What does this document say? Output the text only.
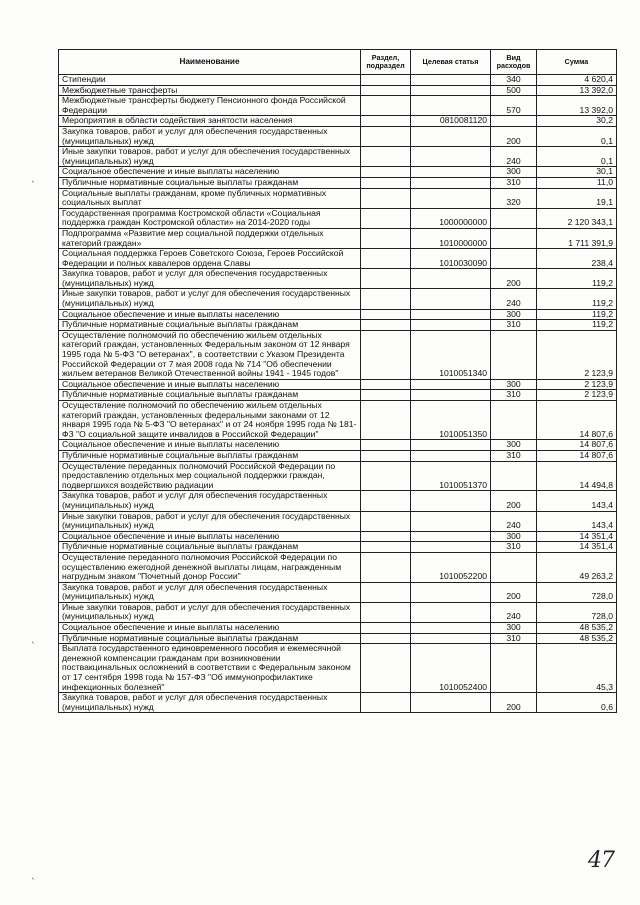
Наименование	Раздел, подраздел	Целевая статья	Вид расходов	Сумма
Стипендии			340	4 620,4
Межбюджетные трансферты			500	13 392,0
Межбюджетные трансферты бюджету Пенсионного фонда Российской Федерации			570	13 392,0
Мероприятия в области содействия занятости населения		0810081120		30,2
Закупка товаров, работ и услуг для обеспечения государственных (муниципальных) нужд			200	0,1
Иные закупки товаров, работ и услуг для обеспечения государственных (муниципальных) нужд			240	0,1
Социальное обеспечение и иные выплаты населению			300	30,1
Публичные нормативные социальные выплаты гражданам			310	11,0
Социальные выплаты гражданам, кроме публичных нормативных социальных выплат			320	19,1
Государственная программа Костромской области «Социальная поддержка граждан Костромской области» на 2014-2020 годы		1000000000		2 120 343,1
Подпрограмма «Развитие мер социальной поддержки отдельных категорий граждан»		1010000000		1 711 391,9
Социальная поддержка Героев Советского Союза, Героев Российской Федерации и полных кавалеров ордена Славы		1010030090		238,4
Закупка товаров, работ и услуг для обеспечения государственных (муниципальных) нужд			200	119,2
Иные закупки товаров, работ и услуг для обеспечения государственных (муниципальных) нужд			240	119,2
Социальное обеспечение и иные выплаты населению			300	119,2
Публичные нормативные социальные выплаты гражданам			310	119,2
Осуществление полномочий по обеспечению жильем отдельных категорий граждан, установленных Федеральным законом от 12 января 1995 года № 5-ФЗ "О ветеранах", в соответствии с Указом Президента Российской Федерации от 7 мая 2008 года № 714 "Об обеспечении жильем ветеранов Великой Отечественной войны 1941 - 1945 годов"		1010051340		2 123,9
Социальное обеспечение и иные выплаты населению			300	2 123,9
Публичные нормативные социальные выплаты гражданам			310	2 123,9
Осуществление полномочий по обеспечению жильем отдельных категорий граждан, установленных федеральными законами от 12 января 1995 года № 5-ФЗ "О ветеранах" и от 24 ноября 1995 года № 181-ФЗ "О социальной защите инвалидов в Российской Федерации"		1010051350		14 807,6
Социальное обеспечение и иные выплаты населению			300	14 807,6
Публичные нормативные социальные выплаты гражданам			310	14 807,6
Осуществление переданных полномочий Российской Федерации по предоставлению отдельных мер социальной поддержки граждан, подвергшихся воздействию радиации		1010051370		14 494,8
Закупка товаров, работ и услуг для обеспечения государственных (муниципальных) нужд			200	143,4
Иные закупки товаров, работ и услуг для обеспечения государственных (муниципальных) нужд			240	143,4
Социальное обеспечение и иные выплаты населению			300	14 351,4
Публичные нормативные социальные выплаты гражданам			310	14 351,4
Осуществление переданного полномочия Российской Федерации по осуществлению ежегодной денежной выплаты лицам, награжденным нагрудным знаком "Почетный донор России"		1010052200		49 263,2
Закупка товаров, работ и услуг для обеспечения государственных (муниципальных) нужд			200	728,0
Иные закупки товаров, работ и услуг для обеспечения государственных (муниципальных) нужд			240	728,0
Социальное обеспечение и иные выплаты населению			300	48 535,2
Публичные нормативные социальные выплаты гражданам			310	48 535,2
Выплата государственного единовременного пособия и ежемесячной денежной компенсации гражданам при возникновении поствакцинальных осложнений в соответствии с Федеральным законом от 17 сентября 1998 года № 157-ФЗ "Об иммунопрофилактике инфекционных болезней"		1010052400		45,3
Закупка товаров, работ и услуг для обеспечения государственных (муниципальных) нужд			200	0,6
`
`
`
47
